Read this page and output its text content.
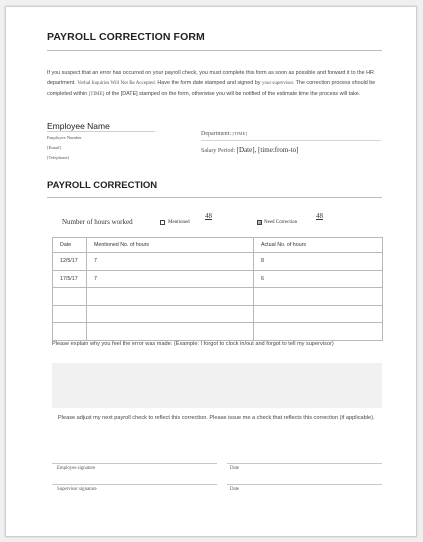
PAYROLL CORRECTION FORM
If you suspect that an error has occurred on your payroll check, you must complete this form as soon as possible and forward it to the HR department. Verbal Inquiries Will Not Be Accepted. Have the form date stamped and signed by your supervisor. The correction process should be completed within [TIME] of the [DATE] stamped on the form, otherwise you will be notified of the estimate time the process will take.
Employee Name
Employee Number
[Email]
[Telephone]
Department: [TIME]
Salary Period: [Date], [time:from-to]
PAYROLL CORRECTION
Number of hours worked	Mentioned
48
☒ Need Correction
48
Date	Mentioned No. of hours	Actual No. of hours
12/5/17	7	8
17/5/17	7	6

Please explain why you feel the error was made: (Example: I forgot to clock in/out and forgot to tell my supervisor)
Please adjust my next payroll check to reflect this correction. Please issue me a check that reflects this correction (if applicable).
Employee signature	Date
Supervisor signature	Date
